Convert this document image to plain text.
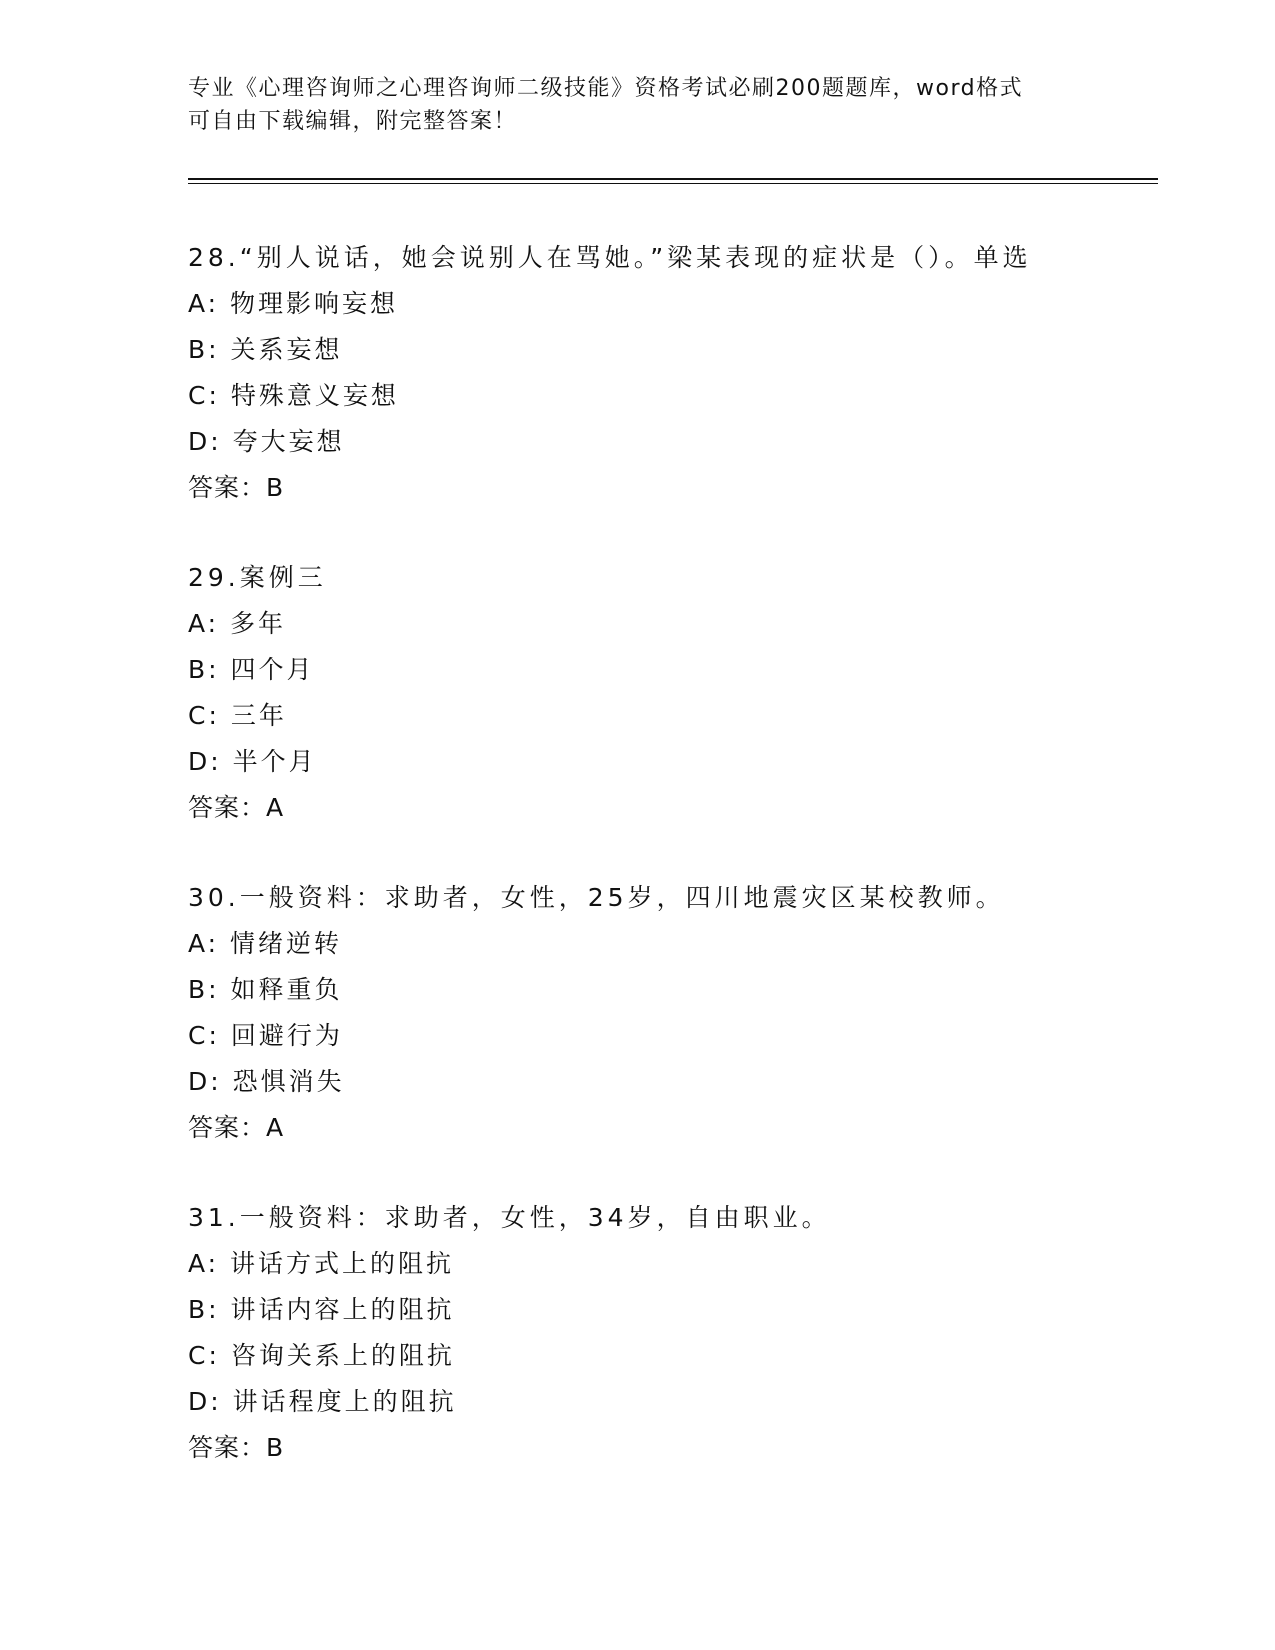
专业《心理咨询师之心理咨询师二级技能》资格考试必刷200题题库，word格式
可自由下载编辑，附完整答案！
28.“别人说话，她会说别人在骂她。”梁某表现的症状是（）。单选
A: 物理影响妄想
B: 关系妄想
C: 特殊意义妄想
D: 夸大妄想
答案：B
29.案例三
A: 多年
B: 四个月
C: 三年
D: 半个月
答案：A
30.一般资料：求助者，女性，25岁，四川地震灾区某校教师。
A: 情绪逆转
B: 如释重负
C: 回避行为
D: 恐惧消失
答案：A
31.一般资料：求助者，女性，34岁，自由职业。
A: 讲话方式上的阻抗
B: 讲话内容上的阻抗
C: 咨询关系上的阻抗
D: 讲话程度上的阻抗
答案：B
